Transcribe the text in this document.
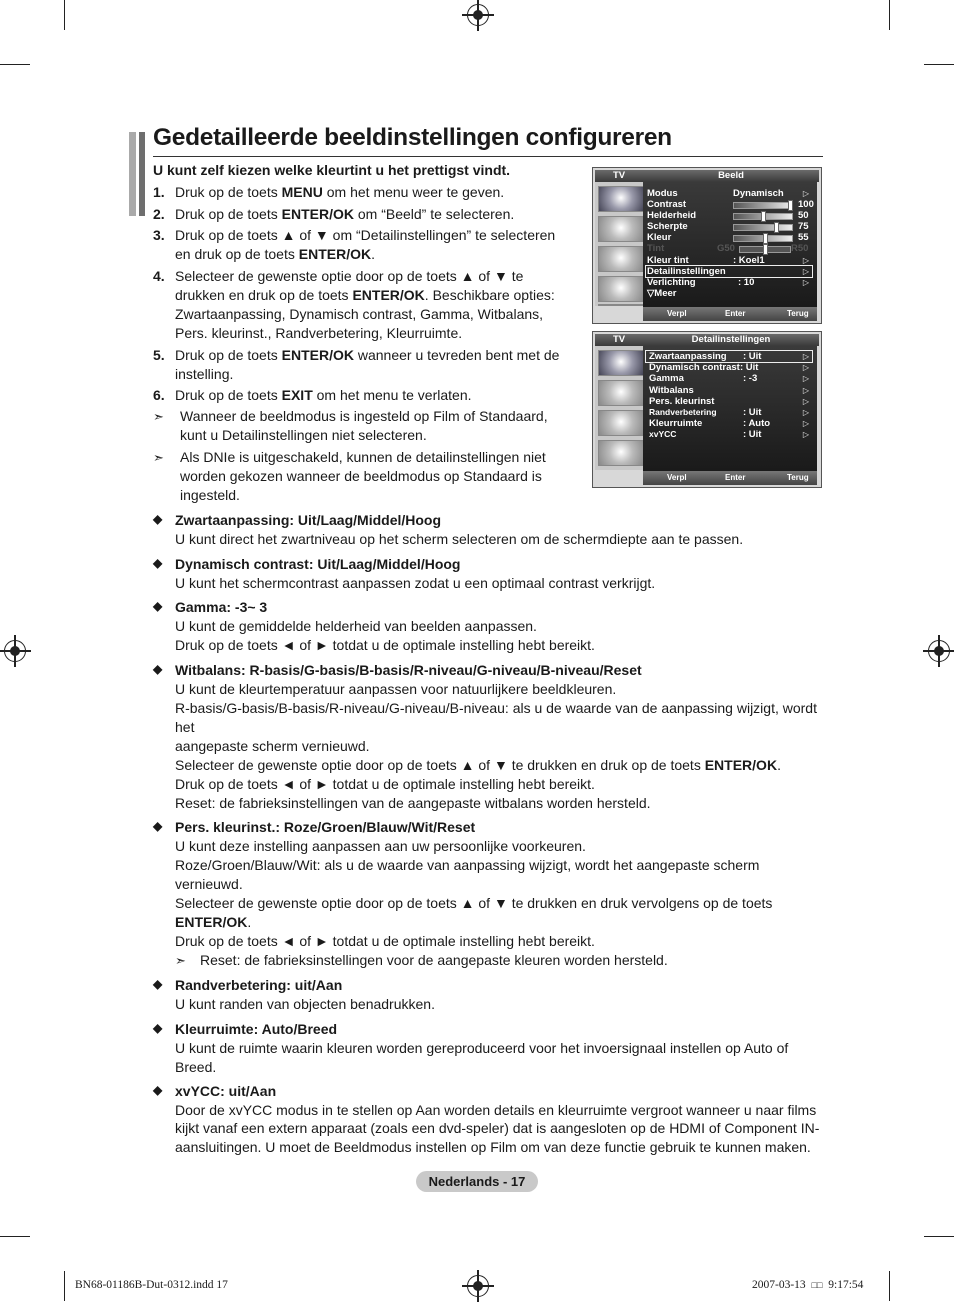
Gedetailleerde beeldinstellingen configureren
U kunt zelf kiezen welke kleurtint u het prettigst vindt.
1. Druk op de toets MENU om het menu weer te geven.
2. Druk op de toets ENTER/OK om “Beeld” te selecteren.
3. Druk op de toets ▲ of ▼ om “Detailinstellingen” te selecteren en druk op de toets ENTER/OK.
4. Selecteer de gewenste optie door op de toets ▲ of ▼ te drukken en druk op de toets ENTER/OK. Beschikbare opties: Zwartaanpassing, Dynamisch contrast, Gamma, Witbalans, Pers. kleurinst., Randverbetering, Kleurruimte.
5. Druk op de toets ENTER/OK wanneer u tevreden bent met de instelling.
6. Druk op de toets EXIT om het menu te verlaten.
➣	Wanneer de beeldmodus is ingesteld op Film of Standaard, kunt u Detailinstellingen niet selecteren.
➣	Als DNIe is uitgeschakeld, kunnen de detailinstellingen niet worden gekozen wanneer de beeldmodus op Standaard is ingesteld.
TV	Beeld
Modus	Dynamisch ▷
Contrast	100
Helderheid	50
Scherpte	75
Kleur	55
Tint	G50	R50
Kleur tint	: Koel1	▷
Detailinstellingen	▷
Verlichting	: 10	▷
▽Meer
Verpl	Enter	Terug
TV	Detailinstellingen
Zwartaanpassing : Uit	▷
Dynamisch contrast : Uit	▷
Gamma	: -3	▷
Witbalans	▷
Pers. kleurinst	▷
Randverbetering	: Uit	▷
Kleurruimte	: Auto	▷
xvYCC	: Uit	▷
Verpl	Enter	Terug
◆ Zwartaanpassing: Uit/Laag/Middel/Hoog
U kunt direct het zwartniveau op het scherm selecteren om de schermdiepte aan te passen.
◆ Dynamisch contrast: Uit/Laag/Middel/Hoog
U kunt het schermcontrast aanpassen zodat u een optimaal contrast verkrijgt.
◆ Gamma: -3~ 3
U kunt de gemiddelde helderheid van beelden aanpassen.
Druk op de toets ◄ of ► totdat u de optimale instelling hebt bereikt.
◆ Witbalans: R-basis/G-basis/B-basis/R-niveau/G-niveau/B-niveau/Reset
U kunt de kleurtemperatuur aanpassen voor natuurlijkere beeldkleuren.
R-basis/G-basis/B-basis/R-niveau/G-niveau/B-niveau: als u de waarde van de aanpassing wijzigt, wordt het
aangepaste scherm vernieuwd.
Selecteer de gewenste optie door op de toets ▲ of ▼ te drukken en druk op de toets ENTER/OK.
Druk op de toets ◄ of ► totdat u de optimale instelling hebt bereikt.
Reset: de fabrieksinstellingen van de aangepaste witbalans worden hersteld.
◆ Pers. kleurinst.: Roze/Groen/Blauw/Wit/Reset
U kunt deze instelling aanpassen aan uw persoonlijke voorkeuren.
Roze/Groen/Blauw/Wit: als u de waarde van aanpassing wijzigt, wordt het aangepaste scherm vernieuwd.
Selecteer de gewenste optie door op de toets ▲ of ▼ te drukken en druk vervolgens op de toets ENTER/OK.
Druk op de toets ◄ of ► totdat u de optimale instelling hebt bereikt.
➣ Reset: de fabrieksinstellingen voor de aangepaste kleuren worden hersteld.
◆ Randverbetering: uit/Aan
U kunt randen van objecten benadrukken.
◆ Kleurruimte: Auto/Breed
U kunt de ruimte waarin kleuren worden gereproduceerd voor het invoersignaal instellen op Auto of Breed.
◆ xvYCC: uit/Aan
Door de xvYCC modus in te stellen op Aan worden details en kleurruimte vergroot wanneer u naar films kijkt vanaf een extern apparaat (zoals een dvd-speler) dat is aangesloten op de HDMI of Component IN-aansluitingen. U moet de Beeldmodus instellen op Film om van deze functie gebruik te kunnen maken.
Nederlands - 17
BN68-01186B-Dut-0312.indd 17	2007-03-13 □□ 9:17:54
